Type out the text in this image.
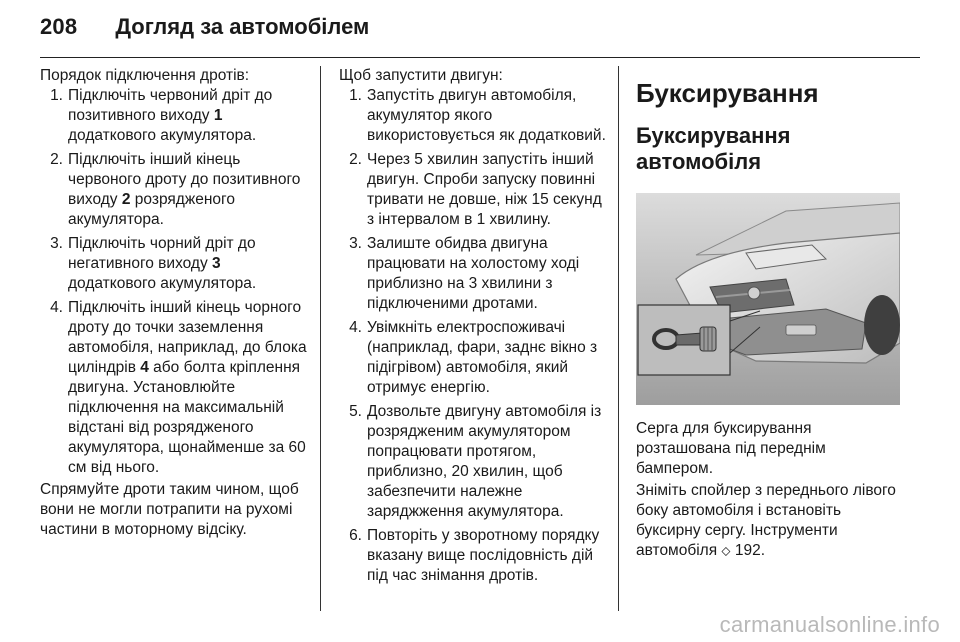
208 Догляд за автомобілем

Порядок підключення дротів:

1. Підключіть червоний дріт до позитивного виходу 1 додаткового акумулятора.
2. Підключіть інший кінець червоного дроту до позитивного виходу 2 розрядженого акумулятора.
3. Підключіть чорний дріт до негативного виходу 3 додаткового акумулятора.
4. Підключіть інший кінець чорного дроту до точки заземлення автомобіля, наприклад, до блока циліндрів 4 або болта кріплення двигуна. Установлюйте підключення на максимальній відстані від розрядженого акумулятора, щонайменше за 60 см від нього.

Спрямуйте дроти таким чином, щоб вони не могли потрапити на рухомі частини в моторному відсіку.

Щоб запустити двигун:

1. Запустіть двигун автомобіля, акумулятор якого використовується як додатковий.
2. Через 5 хвилин запустіть інший двигун. Спроби запуску повинні тривати не довше, ніж 15 секунд з інтервалом в 1 хвилину.
3. Залиште обидва двигуна працювати на холостому ході приблизно на 3 хвилини з підключеними дротами.
4. Увімкніть електроспоживачі (наприклад, фари, заднє вікно з підігрівом) автомобіля, який отримує енергію.
5. Дозвольте двигуну автомобіля із розрядженим акумулятором попрацювати протягом, приблизно, 20 хвилин, щоб забезпечити належне заряджження акумулятора.
6. Повторіть у зворотному порядку вказану вище послідовність дій під час знімання дротів.
Буксирування
Буксирування автомобіля

Серга для буксирування розташована під переднім бампером.

Зніміть спойлер з переднього лівого боку автомобіля і встановіть буксирну сергу. Інструменти автомобіля ⬦ 192.

carmanualsonline.info
